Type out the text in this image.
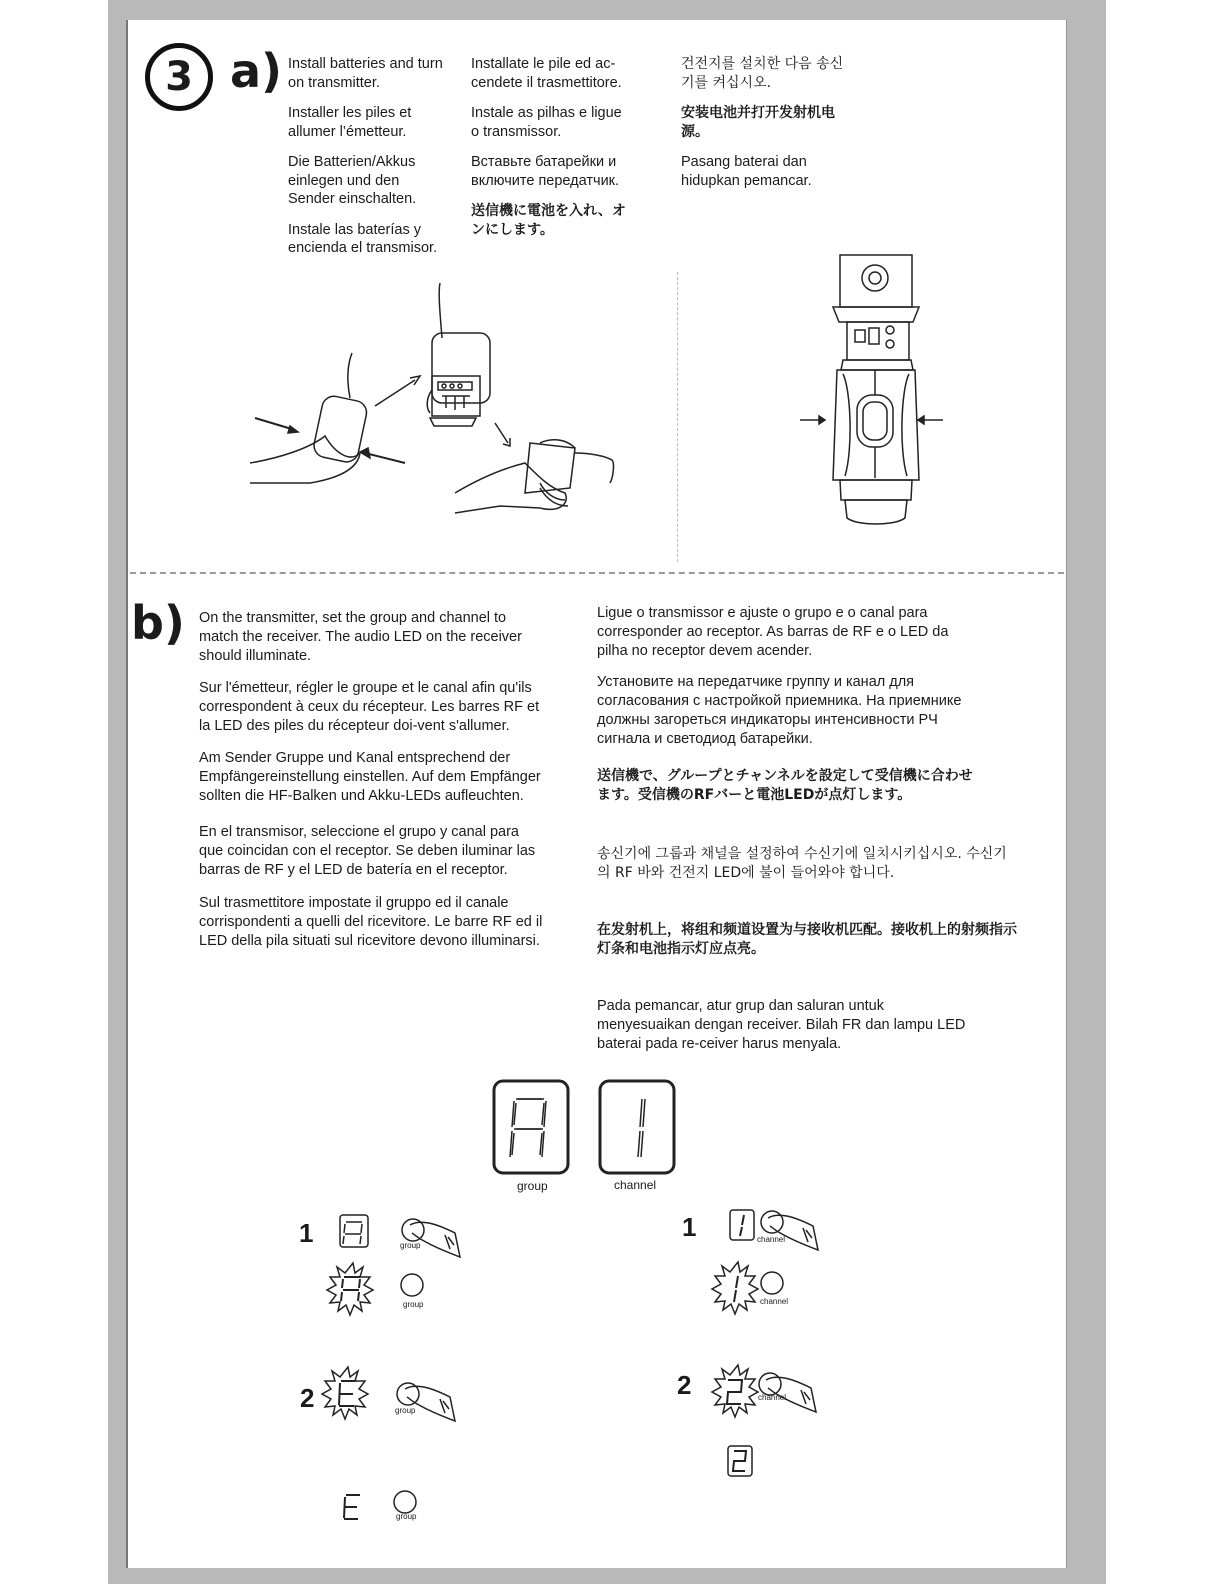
3 a) Install batteries and turn on transmitter.

Installer les piles et allumer l’émetteur.

Die Batterien/Akkus einlegen und den Sender einschalten.

Instale las baterías y encienda el transmisor.

Installate le pile ed ac-cendete il trasmettitore.

Instale as pilhas e ligue o transmissor.

Вставьте батарейки и включите передатчик.

送信機に電池を入れ、オンにします。

건전지를 설치한 다음 송신기를 켜십시오.

安装电池并打开发射机电源。

Pasang baterai dan hidupkan pemancar.

b) On the transmitter, set the group and channel to match the receiver. The audio LED on the receiver should illuminate.

Sur l'émetteur, régler le groupe et le canal afin qu'ils correspondent à ceux du récepteur. Les barres RF et la LED des piles du récepteur doi-vent s'allumer.

Am Sender Gruppe und Kanal entsprechend der Empfängereinstellung einstellen. Auf dem Empfänger sollten die HF-Balken und Akku-LEDs aufleuchten.

En el transmisor, seleccione el grupo y canal para que coincidan con el receptor. Se deben iluminar las barras de RF y el LED de batería en el receptor.

Sul trasmettitore impostate il gruppo ed il canale corrispondenti a quelli del ricevitore. Le barre RF ed il LED della pila situati sul ricevitore devono illuminarsi.

Ligue o transmissor e ajuste o grupo e o canal para corresponder ao receptor. As barras de RF e o LED da pilha no receptor devem acender.

Установите на передатчике группу и канал для согласования с настройкой приемника. На приемнике должны загореться индикаторы интенсивности РЧ сигнала и светодиод батарейки.

送信機で、グループとチャンネルを設定して受信機に合わせます。受信機のRFバーと電池LEDが点灯します。

송신기에 그룹과 채널을 설정하여 수신기에 일치시키십시오. 수신기의 RF 바와 건전지 LED에 불이 들어와야 합니다.

在发射机上，将组和频道设置为与接收机匹配。接收机上的射频指示灯条和电池指示灯应点亮。

Pada pemancar, atur grup dan saluran untuk menyesuaikan dengan receiver. Bilah FR dan lampu LED baterai pada re-ceiver harus menyala.

group	channel
1
2
group
group
group
group
1
2
channel
channel
channel
